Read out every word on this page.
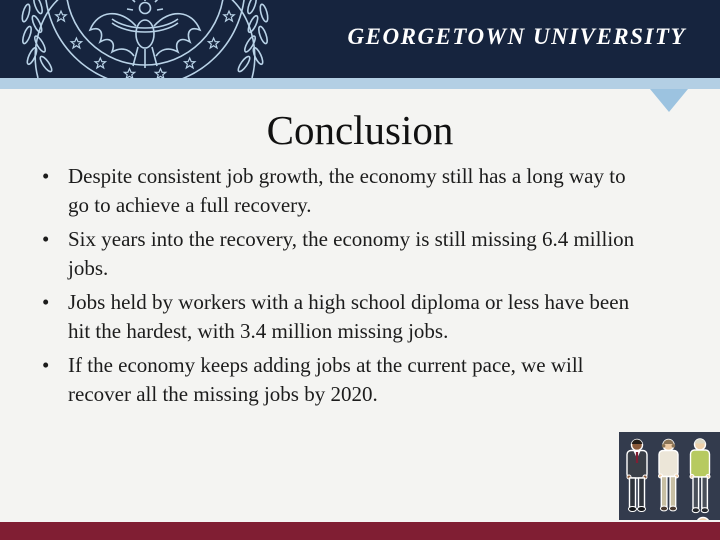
GEORGETOWN UNIVERSITY
Conclusion
• Despite consistent job growth, the economy still has a long way to go to achieve a full recovery.
• Six years into the recovery, the economy is still missing 6.4 million jobs.
• Jobs held by workers with a high school diploma or less have been hit the hardest, with 3.4 million missing jobs.
• If the economy keeps adding jobs at the current pace, we will recover all the missing jobs by 2020.
